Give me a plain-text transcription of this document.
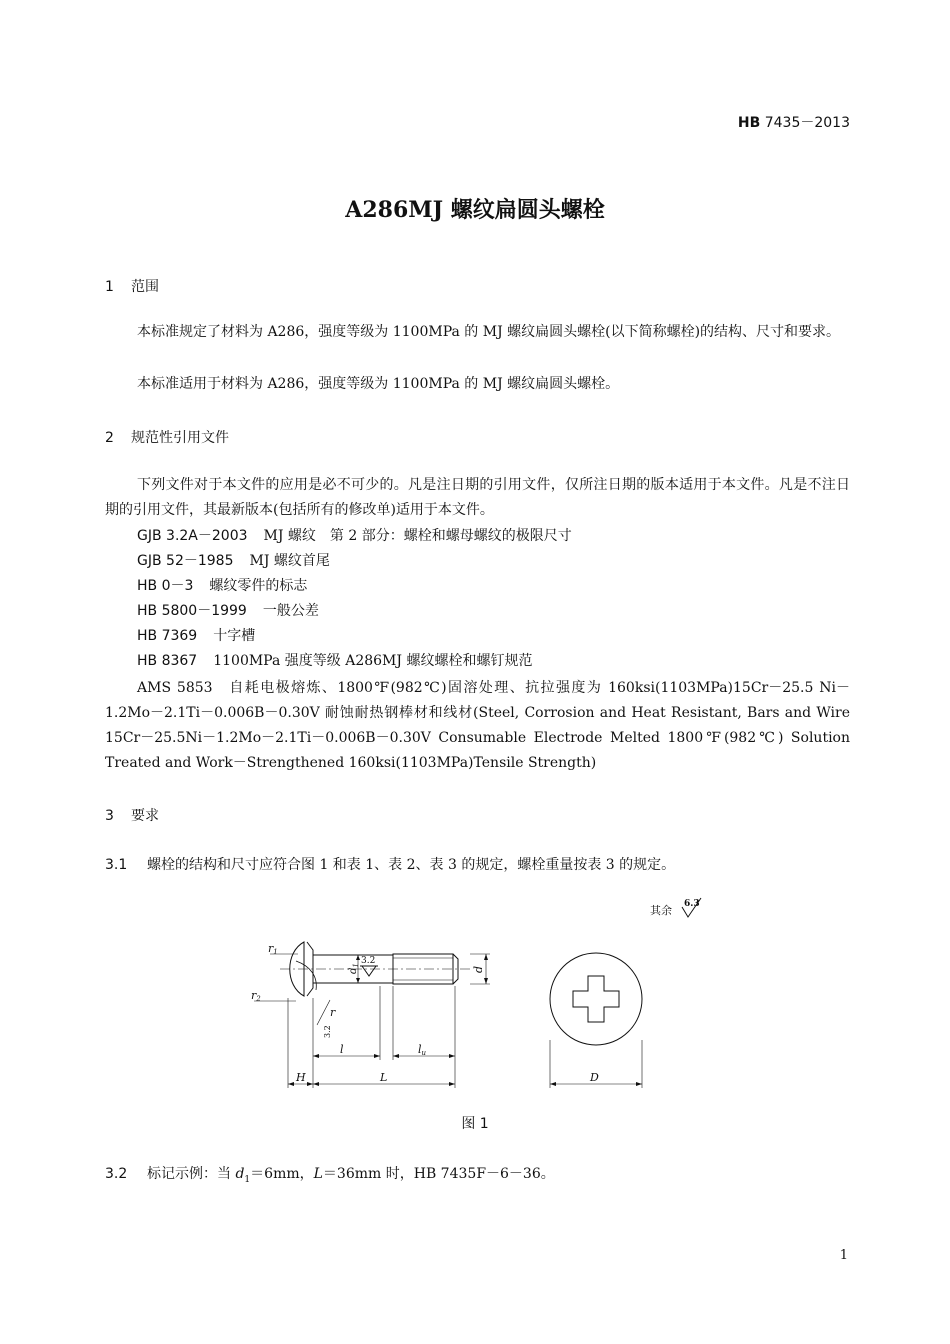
HB 7435－2013
A286MJ 螺纹扁圆头螺栓
1 范围
本标准规定了材料为 A286，强度等级为 1100MPa 的 MJ 螺纹扁圆头螺栓(以下简称螺栓)的结构、尺寸和要求。
本标准适用于材料为 A286，强度等级为 1100MPa 的 MJ 螺纹扁圆头螺栓。
2 规范性引用文件
下列文件对于本文件的应用是必不可少的。凡是注日期的引用文件，仅所注日期的版本适用于本文件。凡是不注日期的引用文件，其最新版本(包括所有的修改单)适用于本文件。
GJB 3.2A－2003 MJ 螺纹　第 2 部分：螺栓和螺母螺纹的极限尺寸
GJB 52－1985 MJ 螺纹首尾
HB 0－3 螺纹零件的标志
HB 5800－1999 一般公差
HB 7369 十字槽
HB 8367 1100MPa 强度等级 A286MJ 螺纹螺栓和螺钉规范
AMS 5853　自耗电极熔炼、1800℉(982℃)固溶处理、抗拉强度为 160ksi(1103MPa)15Cr－25.5 Ni－1.2Mo－2.1Ti－0.006B－0.30V 耐蚀耐热钢棒材和线材(Steel, Corrosion and Heat Resistant, Bars and Wire 15Cr－25.5Ni－1.2Mo－2.1Ti－0.006B－0.30V Consumable Electrode Melted 1800℉(982℃) Solution Treated and Work－Strengthened 160ksi(1103MPa)Tensile Strength)
3 要求
3.1 螺栓的结构和尺寸应符合图 1 和表 1、表 2、表 3 的规定，螺栓重量按表 3 的规定。
其余 6.3
3.2
r1
r2
r
3.2
$d_1$
d
l	lu
H	L	D
图 1
3.2 标记示例：当 $d_1=6mm$，L＝36mm 时，HB 7435F－6－36。
1
